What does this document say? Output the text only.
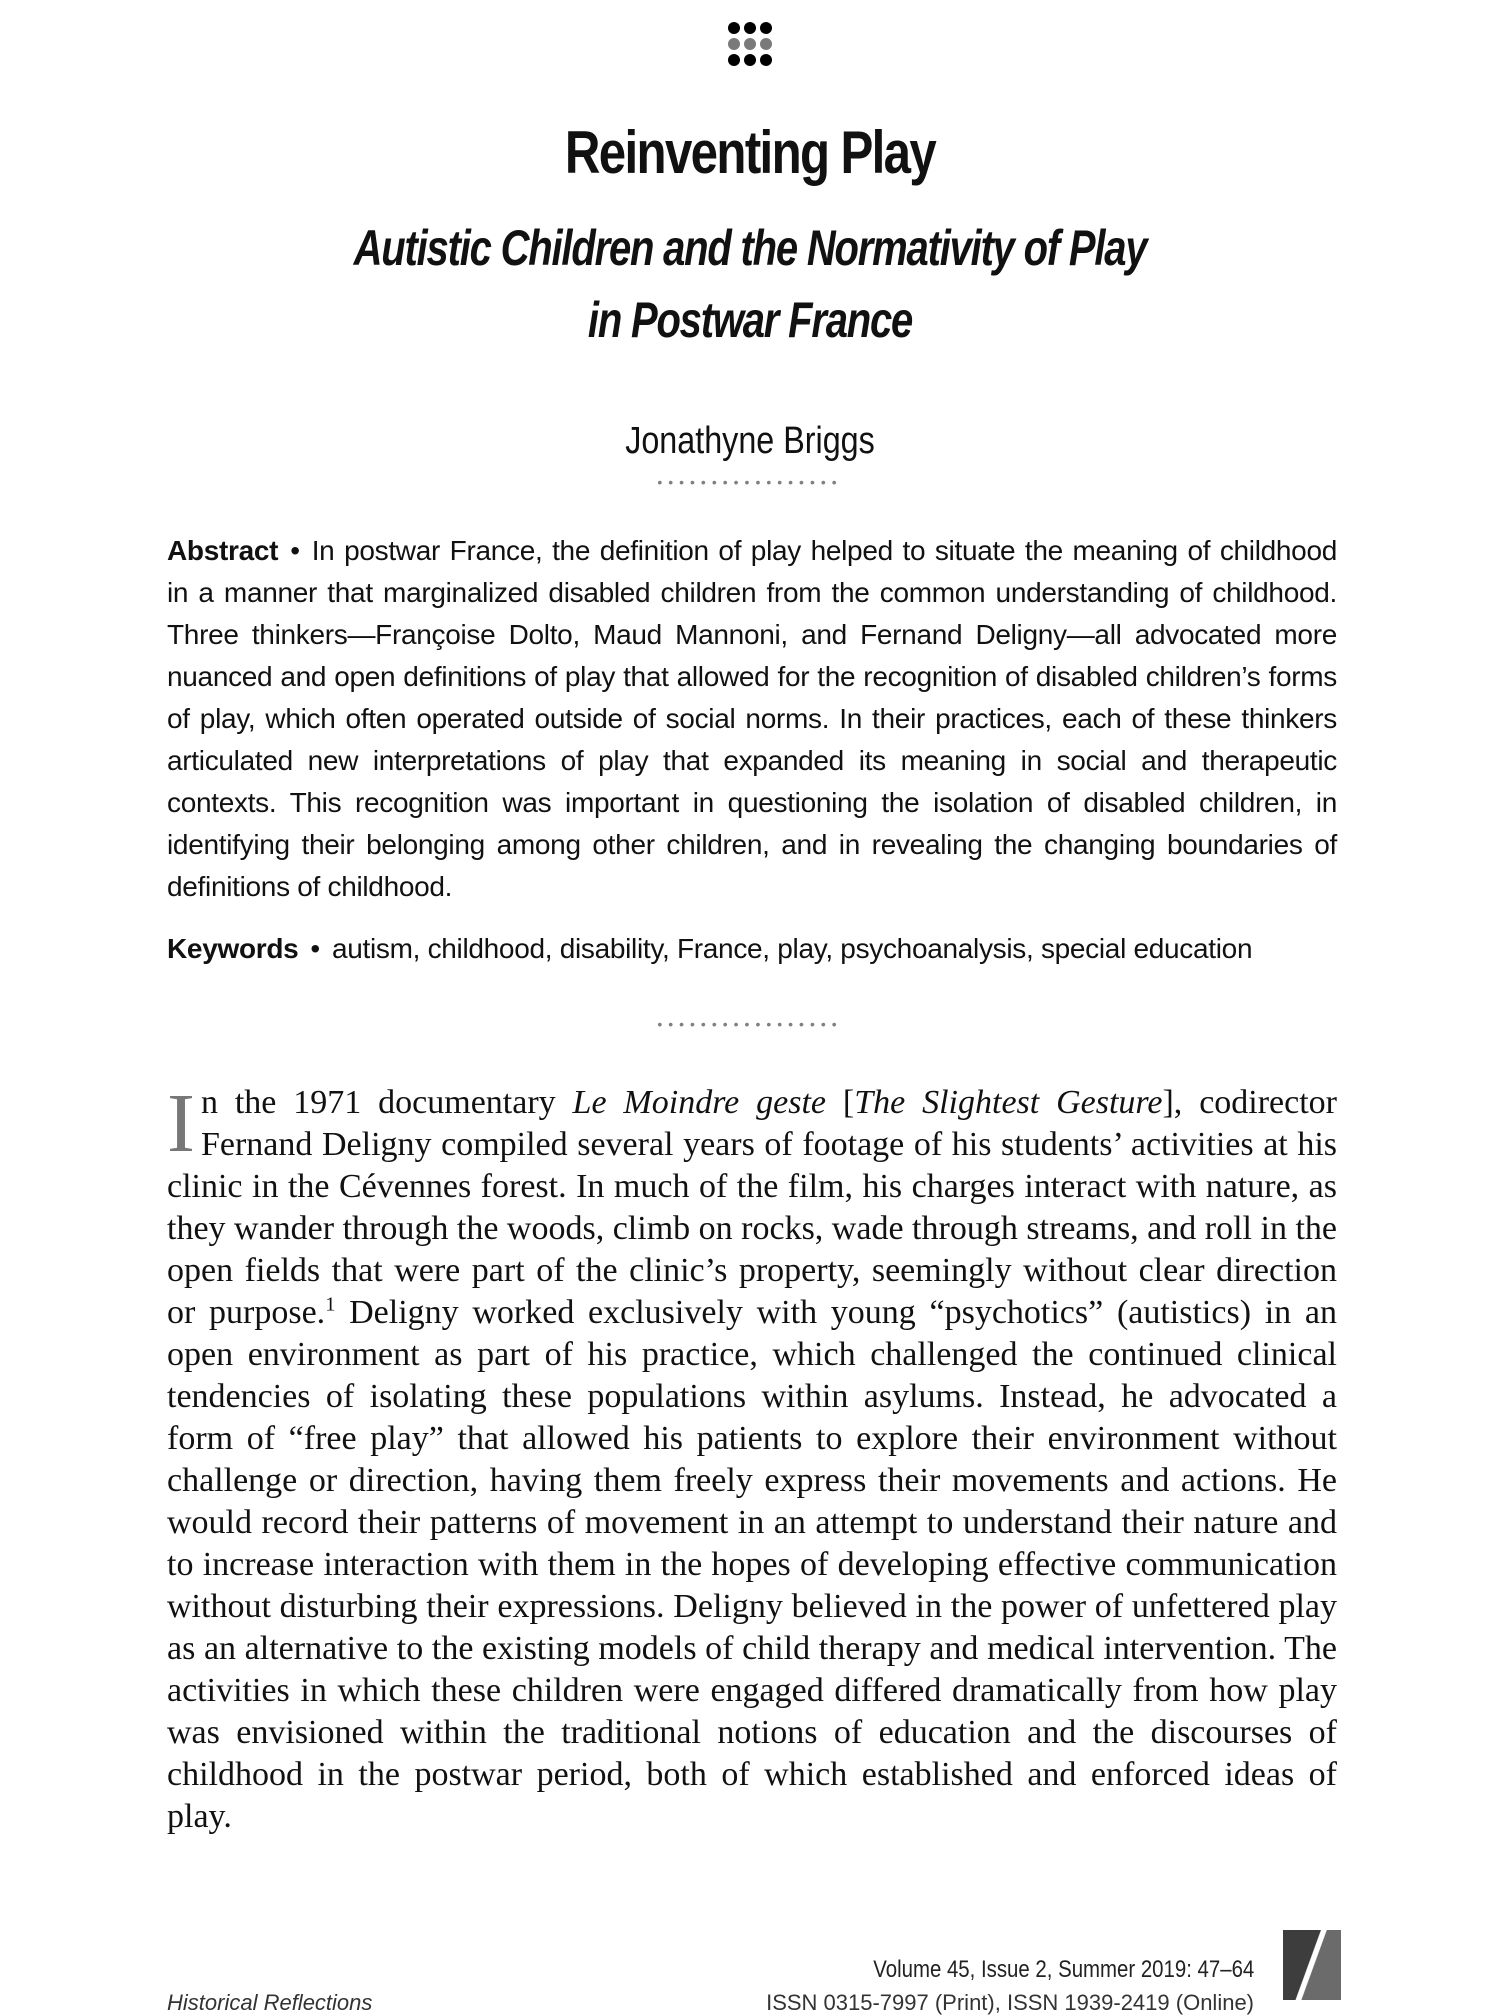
Reinventing Play
Autistic Children and the Normativity of Play
in Postwar France
Jonathyne Briggs
•••••••••••••••••
Abstract • In postwar France, the definition of play helped to situate the meaning of childhood in a manner that marginalized disabled children from the common understanding of childhood. Three thinkers—Françoise Dolto, Maud Mannoni, and Fernand Deligny—all advocated more nuanced and open definitions of play that allowed for the recognition of disabled children’s forms of play, which often operated outside of social norms. In their practices, each of these thinkers articulated new interpretations of play that expanded its meaning in social and therapeutic contexts. This recognition was important in questioning the isolation of disabled children, in identifying their belonging among other children, and in revealing the changing boundaries of definitions of childhood.
Keywords • autism, childhood, disability, France, play, psychoanalysis, special education
•••••••••••••••••
In the 1971 documentary Le Moindre geste [The Slightest Gesture], codirector Fernand Deligny compiled several years of footage of his students’ activities at his clinic in the Cévennes forest. In much of the film, his charges interact with nature, as they wander through the woods, climb on rocks, wade through streams, and roll in the open fields that were part of the clinic’s property, seemingly without clear direction or purpose.$^1$ Deligny worked exclusively with young “psychotics” (autistics) in an open environment as part of his practice, which challenged the continued clinical tendencies of isolating these populations within asylums. Instead, he advocated a form of “free play” that allowed his patients to explore their environment without challenge or direction, having them freely express their movements and actions. He would record their patterns of movement in an attempt to understand their nature and to increase interaction with them in the hopes of developing effective communication without disturbing their expressions. Deligny believed in the power of unfettered play as an alternative to the existing models of child therapy and medical intervention. The activities in which these children were engaged differed dramatically from how play was envisioned within the traditional notions of education and the discourses of childhood in the postwar period, both of which established and enforced ideas of play.
Volume 45, Issue 2, Summer 2019: 47–64
Historical Reflections	ISSN 0315-7997 (Print), ISSN 1939-2419 (Online)
